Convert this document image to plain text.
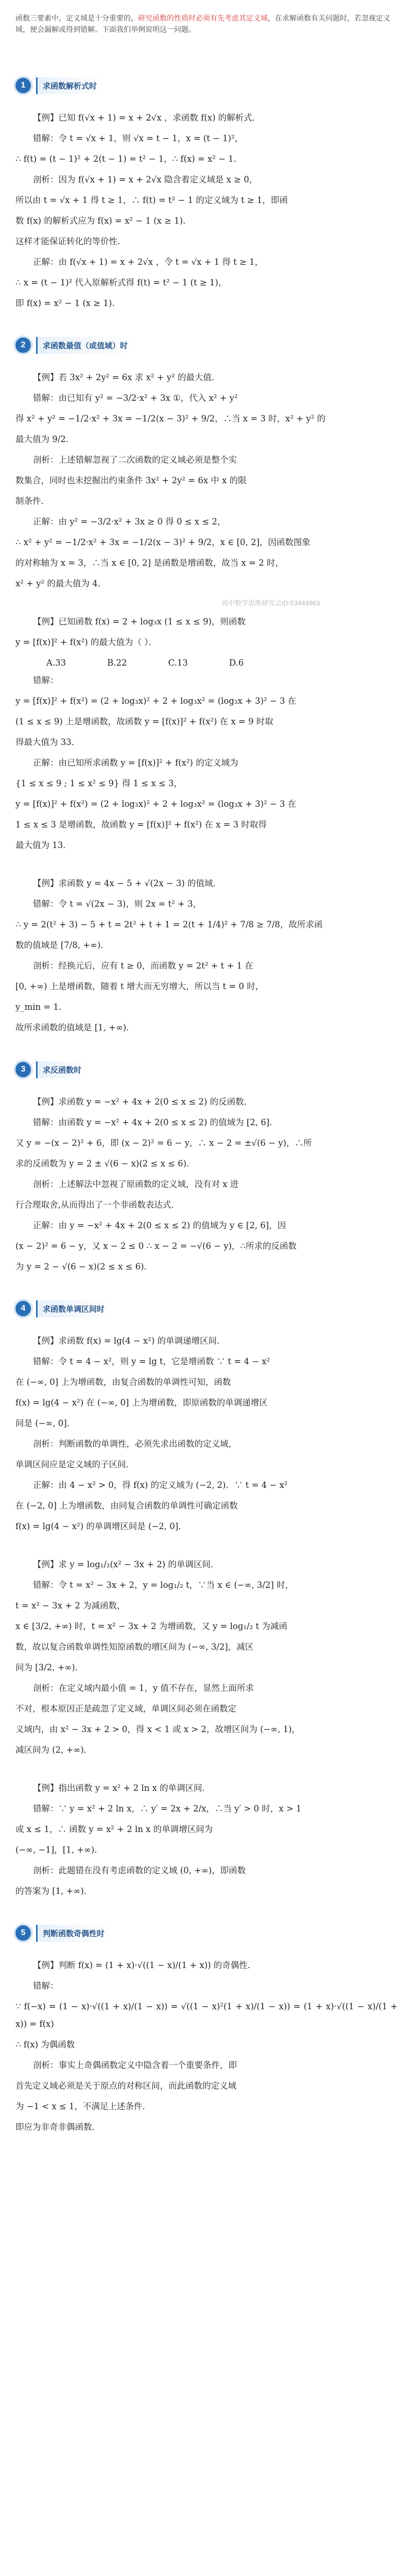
函数三要素中，定义域是十分重要的，研究函数的性质时必须有先考虑其定义域，在求解函数有关问题时，若忽视定义域，便会漏解或得到错解。下面我们举例说明这一问题。
1	求函数解析式时
【例】已知 f(√x + 1) = x + 2√x ，求函数 f(x) 的解析式．
错解：令 t = √x + 1，则 √x = t − 1，x = (t − 1)²，
∴ f(t) = (t − 1)² + 2(t − 1) = t² − 1，∴ f(x) = x² − 1.
剖析：因为 f(√x + 1) = x + 2√x 隐含着定义域是 x ≥ 0，
所以由 t = √x + 1 得 t ≥ 1，∴ f(t) = t² − 1 的定义域为 t ≥ 1，即函
数 f(x) 的解析式应为 f(x) = x² − 1 (x ≥ 1).
这样才能保证转化的等价性.
正解：由 f(√x + 1) = x + 2√x ，令 t = √x + 1 得 t ≥ 1，
∴ x = (t − 1)² 代入原解析式得 f(t) = t² − 1 (t ≥ 1)，
即 f(x) = x² − 1 (x ≥ 1).
2	求函数最值（或值域）时
【例】若 3x² + 2y² = 6x 求 x² + y² 的最大值．
错解：由已知有 y² = −3/2·x² + 3x ①，代入 x² + y²
得 x² + y² = −1/2·x² + 3x = −1/2(x − 3)² + 9/2，∴当 x = 3 时，x² + y² 的
最大值为 9/2．
剖析：上述错解忽视了二次函数的定义域必须是整个实
数集合，同时也未挖掘出约束条件 3x² + 2y² = 6x 中 x 的限
制条件．
正解：由 y² = −3/2·x² + 3x ≥ 0 得 0 ≤ x ≤ 2，
∴ x² + y² = −1/2·x² + 3x = −1/2(x − 3)² + 9/2，x ∈ [0, 2]，因函数图象
的对称轴为 x = 3，∴当 x ∈ [0, 2] 是函数是增函数，故当 x = 2 时，
x² + y² 的最大值为 4．
【例】已知函数 f(x) = 2 + log₃x (1 ≤ x ≤ 9)，则函数
y = [f(x)]² + f(x²) 的最大值为（ ）．
A.33	B.22	C.13	D.6
错解：
y = [f(x)]² + f(x²) = (2 + log₃x)² + 2 + log₃x² = (log₃x + 3)² − 3 在
(1 ≤ x ≤ 9) 上是增函数，故函数 y = [f(x)]² + f(x²) 在 x = 9 时取
得最大值为 33．
正解：由已知所求函数 y = [f(x)]² + f(x²) 的定义域为
{1 ≤ x ≤ 9 ; 1 ≤ x² ≤ 9} 得 1 ≤ x ≤ 3，
y = [f(x)]² + f(x²) = (2 + log₃x)² + 2 + log₃x² = (log₃x + 3)² − 3 在
1 ≤ x ≤ 3 是增函数，故函数 y = [f(x)]² + f(x²) 在 x = 3 时取得
最大值为 13．
【例】求函数 y = 4x − 5 + √(2x − 3) 的值域．
错解：令 t = √(2x − 3)，则 2x = t² + 3，
∴ y = 2(t² + 3) − 5 + t = 2t² + t + 1 = 2(t + 1/4)² + 7/8 ≥ 7/8，故所求函
数的值域是 [7/8, +∞)．
剖析：经换元后，应有 t ≥ 0，而函数 y = 2t² + t + 1 在
[0, +∞) 上是增函数，随着 t 增大而无穷增大，所以当 t = 0 时，
y_min = 1．
故所求函数的值域是 [1, +∞)．
3	求反函数时
【例】求函数 y = −x² + 4x + 2(0 ≤ x ≤ 2) 的反函数．
错解：由函数 y = −x² + 4x + 2(0 ≤ x ≤ 2) 的值域为 [2, 6]．
又 y = −(x − 2)² + 6，即 (x − 2)² = 6 − y，∴ x − 2 = ±√(6 − y)，∴所
求的反函数为 y = 2 ± √(6 − x)(2 ≤ x ≤ 6)．
剖析：上述解法中忽视了原函数的定义域，没有对 x 进
行合理取舍,从而得出了一个非函数表达式．
正解：由 y = −x² + 4x + 2(0 ≤ x ≤ 2) 的值域为 y ∈ [2, 6]，因
(x − 2)² = 6 − y，又 x − 2 ≤ 0 ∴ x − 2 = −√(6 − y)，∴所求的反函数
为 y = 2 − √(6 − x)(2 ≤ x ≤ 6)．
4	求函数单调区间时
【例】求函数 f(x) = lg(4 − x²) 的单调递增区间．
错解：令 t = 4 − x²，则 y = lg t，它是增函数 ∵ t = 4 − x²
在 (−∞, 0] 上为增函数，由复合函数的单调性可知，函数
f(x) = lg(4 − x²) 在 (−∞, 0] 上为增函数，即原函数的单调递增区
间是 (−∞, 0]．
剖析：判断函数的单调性，必须先求出函数的定义域，
单调区间应是定义域的子区间．
正解：由 4 − x² > 0，得 f(x) 的定义域为 (−2, 2)．∵ t = 4 − x²
在 (−2, 0] 上为增函数，由同复合函数的单调性可确定函数
f(x) = lg(4 − x²) 的单调增区间是 (−2, 0]．
【例】求 y = log₁/₂(x² − 3x + 2) 的单调区间．
错解：令 t = x² − 3x + 2，y = log₁/₂ t，∵当 x ∈ (−∞, 3/2] 时，
t = x² − 3x + 2 为减函数，
x ∈ [3/2, +∞) 时，t = x² − 3x + 2 为增函数，又 y = log₁/₂ t 为减函
数，故以复合函数单调性知原函数的增区间为 (−∞, 3/2]，减区
间为 [3/2, +∞)．
剖析：在定义域内最小值 = 1，y 值不存在，显然上面所求
不对，根本原因正是疏忽了定义域，单调区间必须在函数定
义域内，由 x² − 3x + 2 > 0，得 x < 1 或 x > 2，故增区间为 (−∞, 1)，
减区间为 (2, +∞)．
【例】指出函数 y = x² + 2 ln x 的单调区间．
错解：∵ y = x² + 2 ln x，∴ y′ = 2x + 2/x，∴当 y′ > 0 时，x > 1
或 x ≤ 1，∴ 函数 y = x² + 2 ln x 的单调增区间为
(−∞, −1]，[1, +∞)．
剖析：此题错在没有考虑函数的定义域 (0, +∞)，即函数
的答案为 [1, +∞)．
5	判断函数奇偶性时
【例】判断 f(x) = (1 + x)·√((1 − x)/(1 + x)) 的奇偶性．
错解：
∵ f(−x) = (1 − x)·√((1 + x)/(1 − x)) = √((1 − x)²(1 + x)/(1 − x)) = (1 + x)·√((1 − x)/(1 + x)) = f(x)
∴ f(x) 为偶函数
剖析：事实上奇偶函数定义中隐含着一个重要条件，即
首先定义域必须是关于原点的对称区间，而此函数的定义域
为 −1 < x ≤ 1，不满足上述条件．
即应为非奇非偶函数.
高中数学思维研究会ID:53444963
